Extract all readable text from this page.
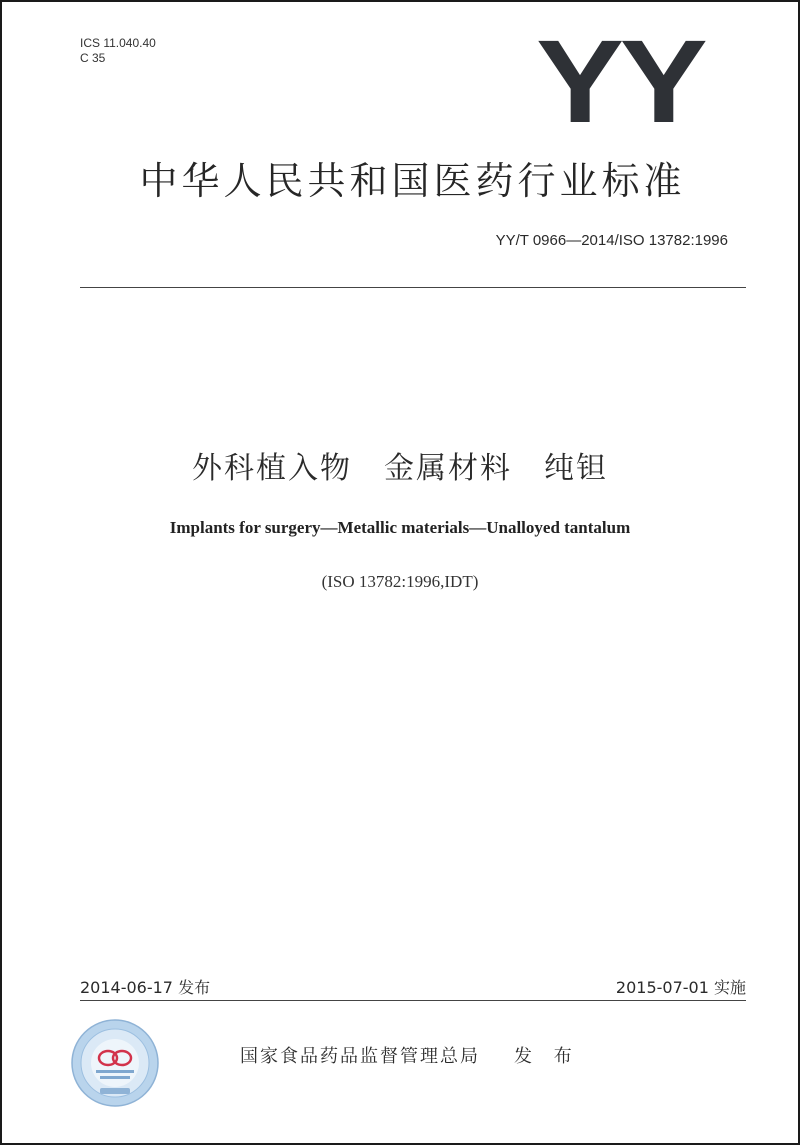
ICS 11.040.40
C 35	YY
中华人民共和国医药行业标准
YY/T 0966—2014/ISO 13782:1996
外科植入物　金属材料　纯钽
Implants for surgery—Metallic materials—Unalloyed tantalum
(ISO 13782:1996,IDT)
2014-06-17 发布	2015-07-01 实施
国家食品药品监督管理总局 发 布
